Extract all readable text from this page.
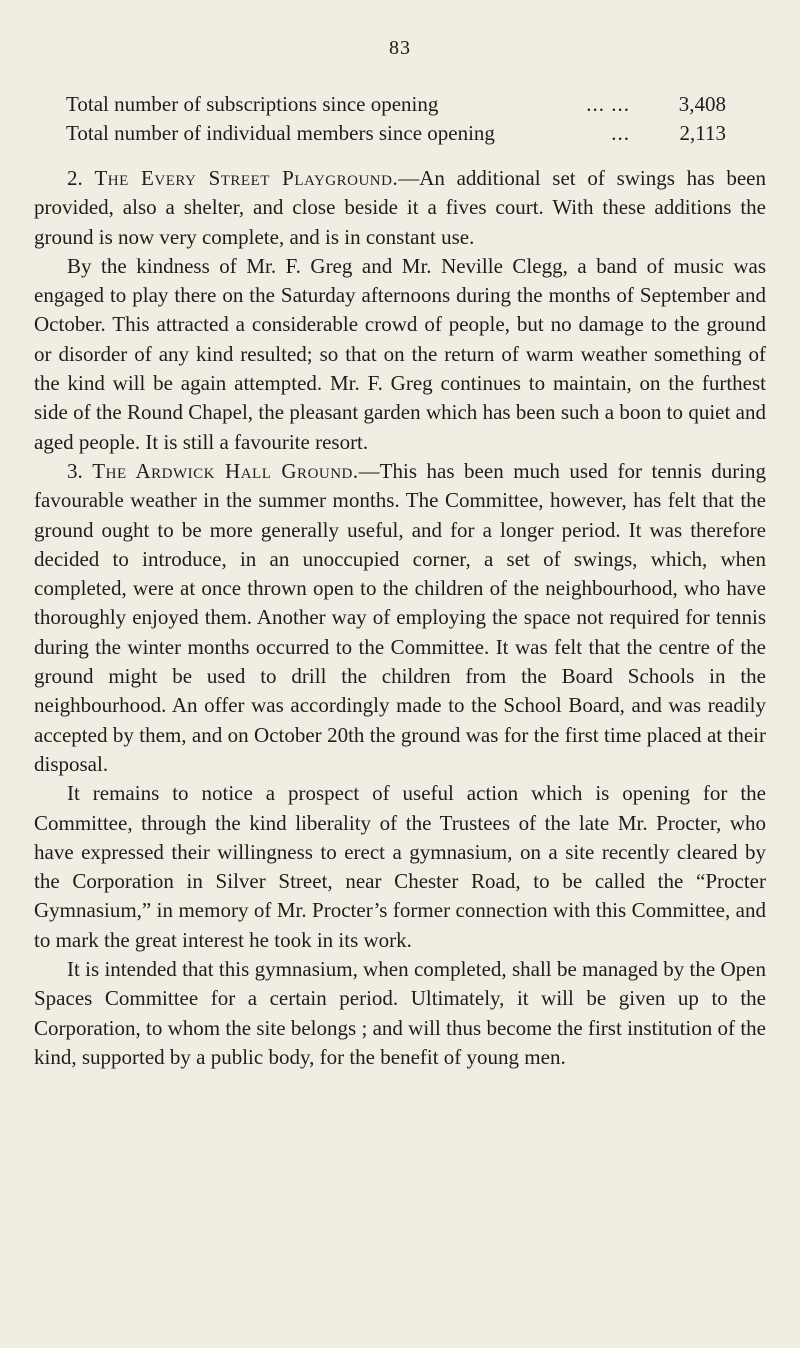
83
Total number of subscriptions since opening	... ...	3,408
Total number of individual members since opening	...	2,113

2. The Every Street Playground.—An additional set of swings has been provided, also a shelter, and close beside it a fives court. With these additions the ground is now very complete, and is in constant use.

By the kindness of Mr. F. Greg and Mr. Neville Clegg, a band of music was engaged to play there on the Saturday afternoons during the months of September and October. This attracted a considerable crowd of people, but no damage to the ground or disorder of any kind resulted; so that on the return of warm weather something of the kind will be again attempted. Mr. F. Greg continues to maintain, on the furthest side of the Round Chapel, the pleasant garden which has been such a boon to quiet and aged people. It is still a favourite resort.

3. The Ardwick Hall Ground.—This has been much used for tennis during favourable weather in the summer months. The Committee, however, has felt that the ground ought to be more generally useful, and for a longer period. It was therefore decided to introduce, in an unoccupied corner, a set of swings, which, when completed, were at once thrown open to the children of the neighbourhood, who have thoroughly enjoyed them. Another way of employing the space not required for tennis during the winter months occurred to the Committee. It was felt that the centre of the ground might be used to drill the children from the Board Schools in the neighbourhood. An offer was accordingly made to the School Board, and was readily accepted by them, and on October 20th the ground was for the first time placed at their disposal.

It remains to notice a prospect of useful action which is opening for the Committee, through the kind liberality of the Trustees of the late Mr. Procter, who have expressed their willingness to erect a gymnasium, on a site recently cleared by the Corporation in Silver Street, near Chester Road, to be called the “Procter Gymnasium,” in memory of Mr. Procter’s former connection with this Committee, and to mark the great interest he took in its work.

It is intended that this gymnasium, when completed, shall be managed by the Open Spaces Committee for a certain period. Ultimately, it will be given up to the Corporation, to whom the site belongs ; and will thus become the first institution of the kind, supported by a public body, for the benefit of young men.
